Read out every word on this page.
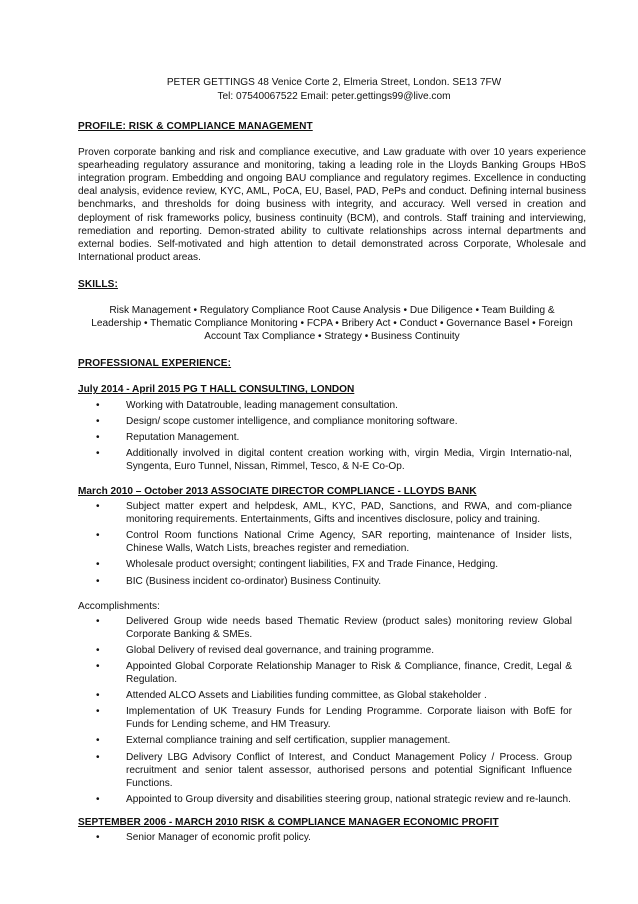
PETER GETTINGS 48 Venice Corte 2, Elmeria Street, London. SE13 7FW
Tel: 07540067522 Email: peter.gettings99@live.com
PROFILE: RISK & COMPLIANCE MANAGEMENT
Proven corporate banking and risk and compliance executive, and Law graduate with over 10 years experience spearheading regulatory assurance and monitoring, taking a leading role in the Lloyds Banking Groups HBoS integration program. Embedding and ongoing BAU compliance and regulatory regimes. Excellence in conducting deal analysis, evidence review, KYC, AML, PoCA, EU, Basel, PAD, PePs and conduct. Defining internal business benchmarks, and thresholds for doing business with integrity, and accuracy. Well versed in creation and deployment of risk frameworks policy, business continuity (BCM), and controls. Staff training and interviewing, remediation and reporting. Demon-strated ability to cultivate relationships across internal departments and external bodies. Self-motivated and high attention to detail demonstrated across Corporate, Wholesale and International product areas.
SKILLS:
Risk Management • Regulatory Compliance Root Cause Analysis • Due Diligence • Team Building & Leadership • Thematic Compliance Monitoring • FCPA • Bribery Act • Conduct • Governance Basel • Foreign Account Tax Compliance • Strategy • Business Continuity
PROFESSIONAL EXPERIENCE:
July 2014 - April 2015 PG T HALL CONSULTING, LONDON
•	Working with Datatrouble, leading management consultation.
•	Design/ scope customer intelligence, and compliance monitoring software.
•	Reputation Management.
•	Additionally involved in digital content creation working with, virgin Media, Virgin Internatio-nal, Syngenta, Euro Tunnel, Nissan, Rimmel, Tesco, & N-E Co-Op.
March 2010 – October 2013 ASSOCIATE DIRECTOR COMPLIANCE - LLOYDS BANK
•	Subject matter expert and helpdesk, AML, KYC, PAD, Sanctions, and RWA, and com-pliance monitoring requirements. Entertainments, Gifts and incentives disclosure, policy and training.
•	Control Room functions National Crime Agency, SAR reporting, maintenance of Insider lists, Chinese Walls, Watch Lists, breaches register and remediation.
•	Wholesale product oversight; contingent liabilities, FX and Trade Finance, Hedging.
•	BIC (Business incident co-ordinator) Business Continuity.
Accomplishments:
•	Delivered Group wide needs based Thematic Review (product sales) monitoring review Global Corporate Banking & SMEs.
•	Global Delivery of revised deal governance, and training programme.
•	Appointed Global Corporate Relationship Manager to Risk & Compliance, finance, Credit, Legal & Regulation.
•	Attended ALCO Assets and Liabilities funding committee, as Global stakeholder .
•	Implementation of UK Treasury Funds for Lending Programme. Corporate liaison with BofE for Funds for Lending scheme, and HM Treasury.
•	External compliance training and self certification, supplier management.
•	Delivery LBG Advisory Conflict of Interest, and Conduct Management Policy / Process. Group recruitment and senior talent assessor, authorised persons and potential Significant Influence Functions.
•	Appointed to Group diversity and disabilities steering group, national strategic review and re-launch.
SEPTEMBER 2006 - MARCH 2010 RISK & COMPLIANCE MANAGER ECONOMIC PROFIT
•	Senior Manager of economic profit policy.
